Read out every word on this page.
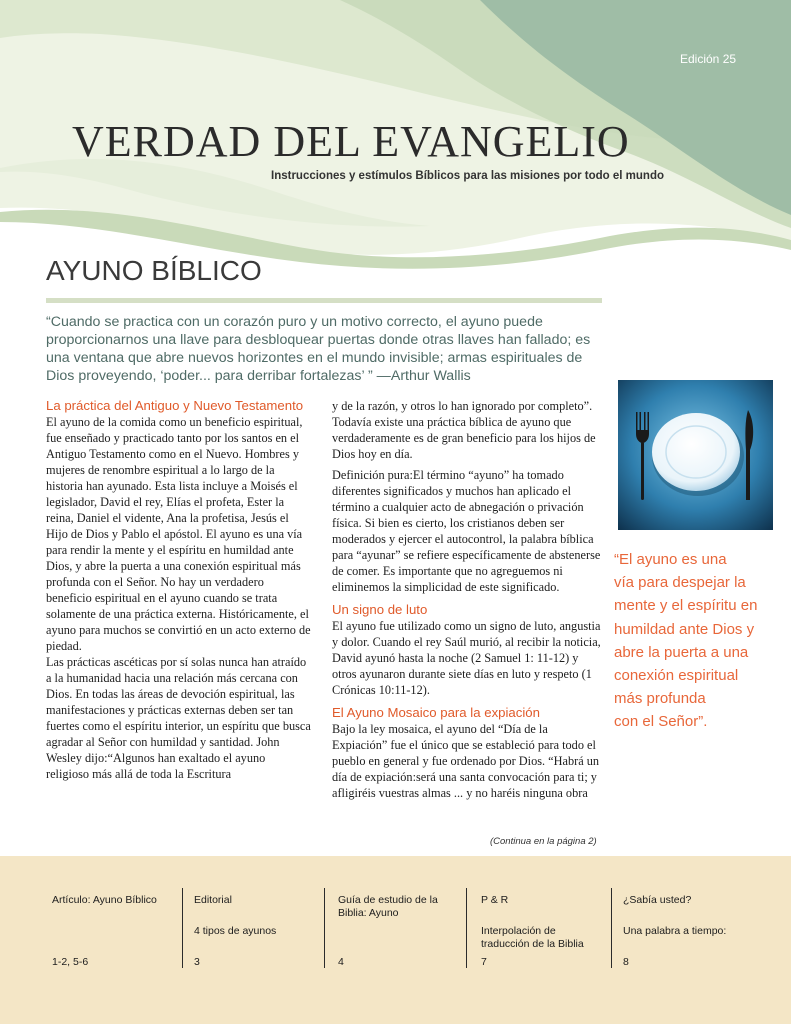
Edición 25
VERDAD DEL EVANGELIO
Instrucciones y estímulos Bíblicos para las misiones por todo el mundo
AYUNO BÍBLICO
“Cuando se practica con un corazón puro y un motivo correcto, el ayuno puede proporcionarnos una llave para desbloquear puertas donde otras llaves han fallado; es una ventana que abre nuevos horizontes en el mundo invisible; armas espirituales de Dios proveyendo, ‘poder... para derribar fortalezas’ ” —Arthur Wallis

La práctica del Antiguo y Nuevo Testamento

El ayuno de la comida como un beneficio espiritual, fue enseñado y practicado tanto por los santos en el Antiguo Testamento como en el Nuevo. Hombres y mujeres de renombre espiritual a lo largo de la historia han ayunado. Esta lista incluye a Moisés el legislador, David el rey, Elías el profeta, Ester la reina, Daniel el vidente, Ana la profetisa, Jesús el Hijo de Dios y Pablo el apóstol. El ayuno es una vía para rendir la mente y el espíritu en humildad ante Dios, y abre la puerta a una conexión espiritual más profunda con el Señor. No hay un verdadero beneficio espiritual en el ayuno cuando se trata solamente de una práctica externa. Históricamente, el ayuno para muchos se convirtió en un acto externo de piedad.

Las prácticas ascéticas por sí solas nunca han atraído a la humanidad hacia una relación más cercana con Dios. En todas las áreas de devoción espiritual, las manifestaciones y prácticas externas deben ser tan fuertes como el espíritu interior, un espíritu que busca agradar al Señor con humildad y santidad. John Wesley dijo:“Algunos han exaltado el ayuno religioso más allá de toda la Escritura

y de la razón, y otros lo han ignorado por completo”. Todavía existe una práctica bíblica de ayuno que verdaderamente es de gran beneficio para los hijos de Dios hoy en día.

Definición pura:El término “ayuno” ha tomado diferentes significados y muchos han aplicado el término a cualquier acto de abnegación o privación física. Si bien es cierto, los cristianos deben ser moderados y ejercer el autocontrol, la palabra bíblica para “ayunar” se refiere específicamente de abstenerse de comer. Es importante que no agreguemos ni eliminemos la simplicidad de este significado.

Un signo de luto

El ayuno fue utilizado como un signo de luto, angustia y dolor. Cuando el rey Saúl murió, al recibir la noticia, David ayunó hasta la noche (2 Samuel 1: 11-12) y otros ayunaron durante siete días en luto y respeto (1 Crónicas 10:11-12).

El Ayuno Mosaico para la expiación

Bajo la ley mosaica, el ayuno del “Día de la Expiación” fue el único que se estableció para todo el pueblo en general y fue ordenado por Dios. “Habrá un día de expiación:será una santa convocación para ti; y afligiréis vuestras almas ... y no haréis ninguna obra

(Continua en la página 2)
“El ayuno es una
vía para despejar la
mente y el espíritu en
humildad ante Dios y
abre la puerta a una
conexión espiritual
más profunda
con el Señor”.
Artículo: Ayuno Bíblico
1-2, 5-6
Editorial
4 tipos de ayunos
3
Guía de estudio de la Biblia: Ayuno
4
P & R
Interpolación de traducción de la Biblia
7
¿Sabía usted?
Una palabra a tiempo:
8
